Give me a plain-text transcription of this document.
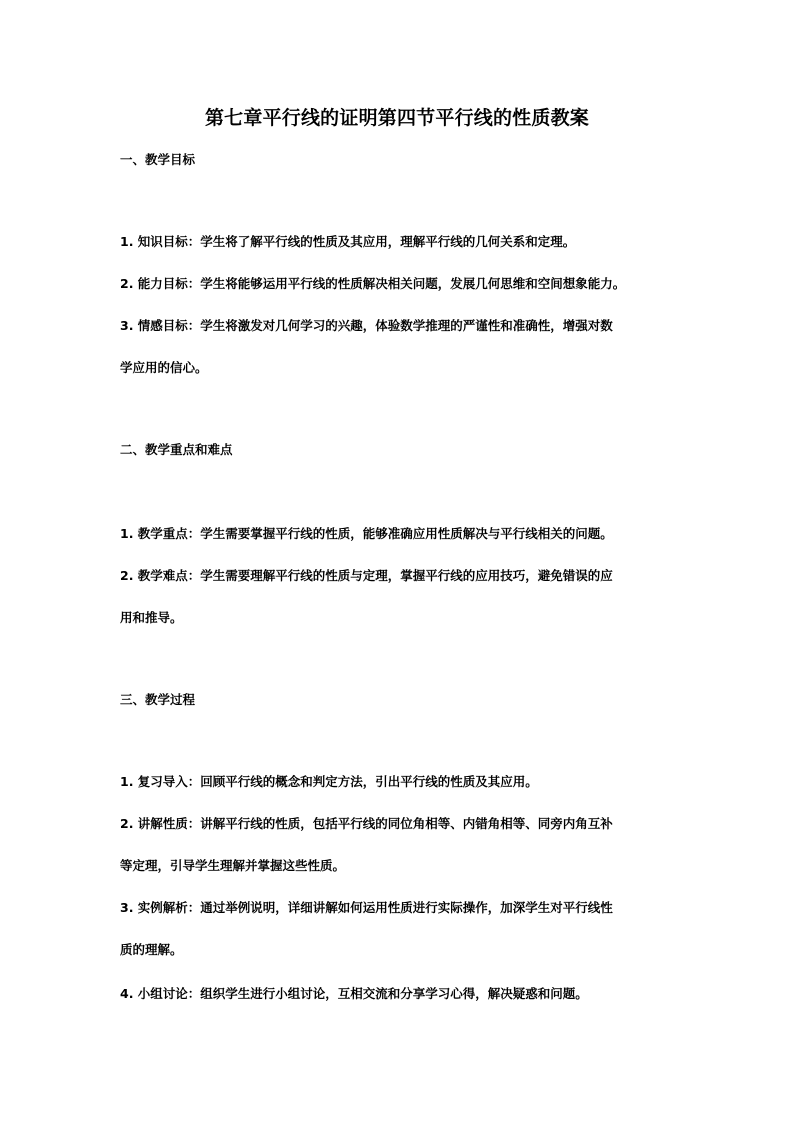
第七章平行线的证明第四节平行线的性质教案
一、教学目标
1. 知识目标：学生将了解平行线的性质及其应用，理解平行线的几何关系和定理。
2. 能力目标：学生将能够运用平行线的性质解决相关问题，发展几何思维和空间想象能力。
3. 情感目标：学生将激发对几何学习的兴趣，体验数学推理的严谨性和准确性，增强对数
学应用的信心。
二、教学重点和难点
1. 教学重点：学生需要掌握平行线的性质，能够准确应用性质解决与平行线相关的问题。
2. 教学难点：学生需要理解平行线的性质与定理，掌握平行线的应用技巧，避免错误的应
用和推导。
三、教学过程
1. 复习导入：回顾平行线的概念和判定方法，引出平行线的性质及其应用。
2. 讲解性质：讲解平行线的性质，包括平行线的同位角相等、内错角相等、同旁内角互补
等定理，引导学生理解并掌握这些性质。
3. 实例解析：通过举例说明，详细讲解如何运用性质进行实际操作，加深学生对平行线性
质的理解。
4. 小组讨论：组织学生进行小组讨论，互相交流和分享学习心得，解决疑惑和问题。
